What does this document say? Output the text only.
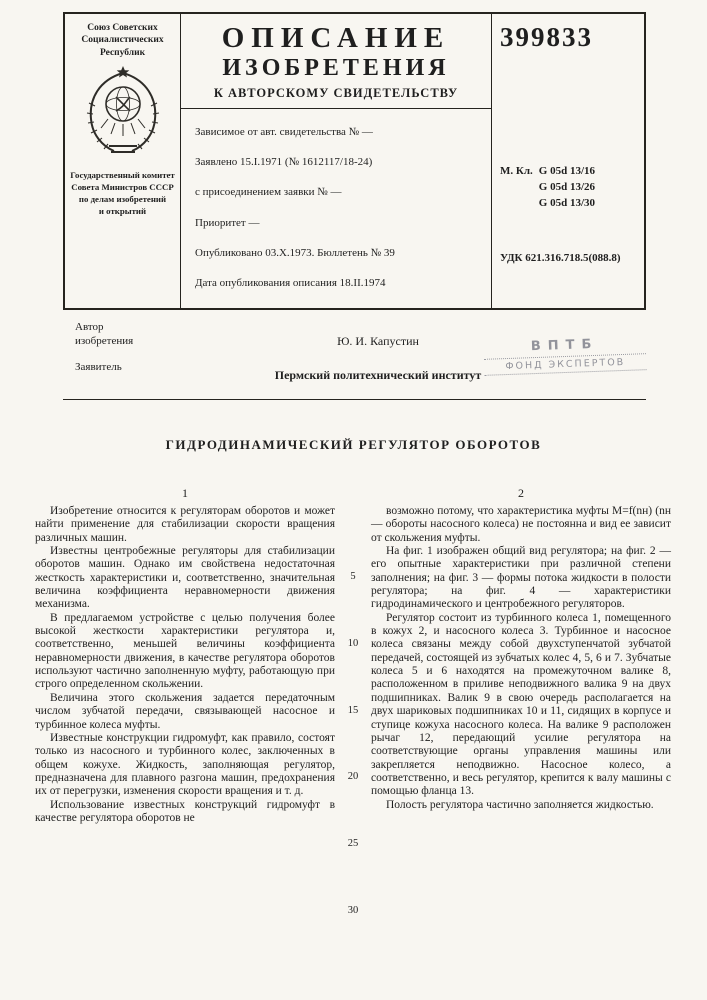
Союз Советских
Социалистических
Республик
Государственный комитет
Совета Министров СССР
по делам изобретений
и открытий
ОПИСАНИЕ
ИЗОБРЕТЕНИЯ
К АВТОРСКОМУ СВИДЕТЕЛЬСТВУ
Зависимое от авт. свидетельства № —
Заявлено 15.I.1971 (№ 1612117/18-24)
с присоединением заявки № —
Приоритет —
Опубликовано 03.X.1973. Бюллетень № 39
Дата опубликования описания 18.II.1974
399833
М. Кл. G 05d 13/16
G 05d 13/26
G 05d 13/30
УДК 621.316.718.5(088.8)
Автор
изобретения	Ю. И. Капустин
Заявитель
Пермский политехнический институт
ВПТБ
ФОНД ЭКСПЕРТОВ
ГИДРОДИНАМИЧЕСКИЙ РЕГУЛЯТОР ОБОРОТОВ
1	2

Изобретение относится к регуляторам оборотов и может найти применение для стабилизации скорости вращения различных машин.

Известны центробежные регуляторы для стабилизации оборотов машин. Однако им свойствена недостаточная жесткость характеристики и, соответственно, значительная величина коэффициента неравномерности движения механизма.

В предлагаемом устройстве с целью получения более высокой жесткости характеристики регулятора и, соответственно, меньшей величины коэффициента неравномерности движения, в качестве регулятора оборотов используют частично заполненную муфту, работающую при строго определенном скольжении.

Величина этого скольжения задается передаточным числом зубчатой передачи, связывающей насосное и турбинное колеса муфты.

Известные конструкции гидромуфт, как правило, состоят только из насосного и турбинного колес, заключенных в общем кожухе. Жидкость, заполняющая регулятор, предназначена для плавного разгона машин, предохранения их от перегрузки, изменения скорости вращения и т. д.

Использование известных конструкций гидромуфт в качестве регулятора оборотов не

5
10
15
20
25
30

возможно потому, что характеристика муфты M=f(nн) (nн — обороты насосного колеса) не постоянна и вид ее зависит от скольжения муфты.

На фиг. 1 изображен общий вид регулятора; на фиг. 2 — его опытные характеристики при различной степени заполнения; на фиг. 3 — формы потока жидкости в полости регулятора; на фиг. 4 — характеристики гидродинамического и центробежного регуляторов.

Регулятор состоит из турбинного колеса 1, помещенного в кожух 2, и насосного колеса 3. Турбинное и насосное колеса связаны между собой двухступенчатой зубчатой передачей, состоящей из зубчатых колес 4, 5, 6 и 7. Зубчатые колеса 5 и 6 находятся на промежуточном валике 8, расположенном в приливе неподвижного валика 9 на двух подшипниках. Валик 9 в свою очередь располагается на двух шариковых подшипниках 10 и 11, сидящих в корпусе и ступице кожуха насосного колеса. На валике 9 расположен рычаг 12, передающий усилие регулятора на соответствующие органы управления машины или закрепляется неподвижно. Насосное колесо, а соответственно, и весь регулятор, крепится к валу машины с помощью фланца 13.

Полость регулятора частично заполняется жидкостью.
